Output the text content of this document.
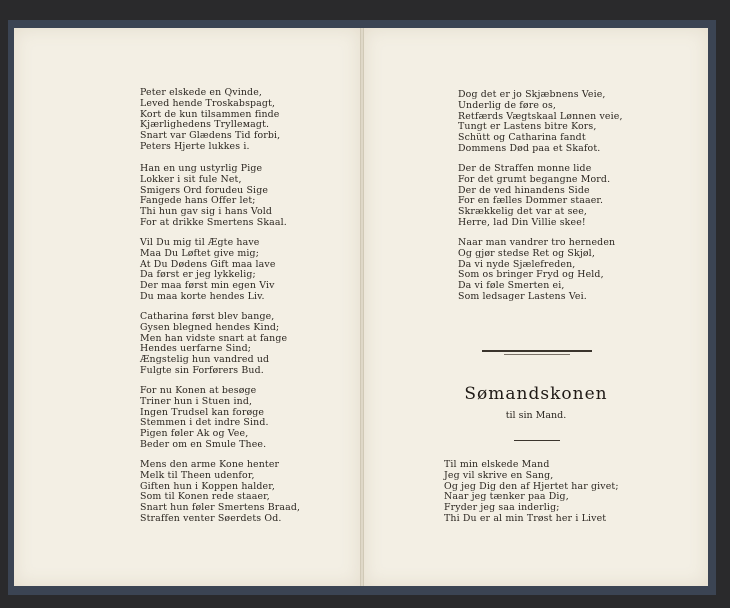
Peter elskede en Qvinde,
Leved hende Troskabspagt,
Kort de kun tilsammen finde
Kjærlighedens Trylleмagt.
Snart var Glædens Tid forbi,
Peters Hjerte lukkes i.
Han en ung ustyrlig Pige
Lokker i sit fule Net,
Smigers Ord forudeu Sige
Fangede hans Offer let;
Thi hun gav sig i hans Vold
For at drikke Smertens Skaal.
Vil Du mig til Ægte have
Maa Du Løftet give mig;
At Du Dødens Gift maa lave
Da først er jeg lykkelig;
Der maa først min egen Viv
Du maa korte hendes Liv.
Catharina først blev bange,
Gysen blegned hendes Kind;
Men han vidste snart at fange
Hendes uerfarne Sind;
Ængstelig hun vandred ud
Fulgte sin Forførers Bud.
For nu Konen at besøge
Triner hun i Stuen ind,
Ingen Trudsel kan forøge
Stemmen i det indre Sind.
Pigen føler Ak og Vee,
Beder om en Smule Thee.
Mens den arme Kone henter
Melk til Theen udenfor,
Giften hun i Koppen halder,
Som til Konen rede staaer,
Snart hun føler Smertens Braad,
Straffen venter Søerdets Od.
Dog det er jo Skjæbnens Veie,
Underlig de føre os,
Retfærds Vægtskaal Lønnen veie,
Tungt er Lastens bitre Kors,
Schütt og Catharina fandt
Dommens Død paa et Skafot.
Der de Straffen monne lide
For det grumt begangne Mord.
Der de ved hinandens Side
For en fælles Dommer staaer.
Skrækkelig det var at see,
Herre, lad Din Villie skee!
Naar man vandrer tro herneden
Og gjør stedse Ret og Skjøl,
Da vi nyde Sjælefreden,
Som os bringer Fryd og Held,
Da vi føle Smerten ei,
Som ledsager Lastens Vei.
Sømandskonen
til sin Mand.
Til min elskede Mand
Jeg vil skrive en Sang,
Og jeg Dig den af Hjertet har givet;
Naar jeg tænker paa Dig,
Fryder jeg saa inderlig;
Thi Du er al min Trøst her i Livet
